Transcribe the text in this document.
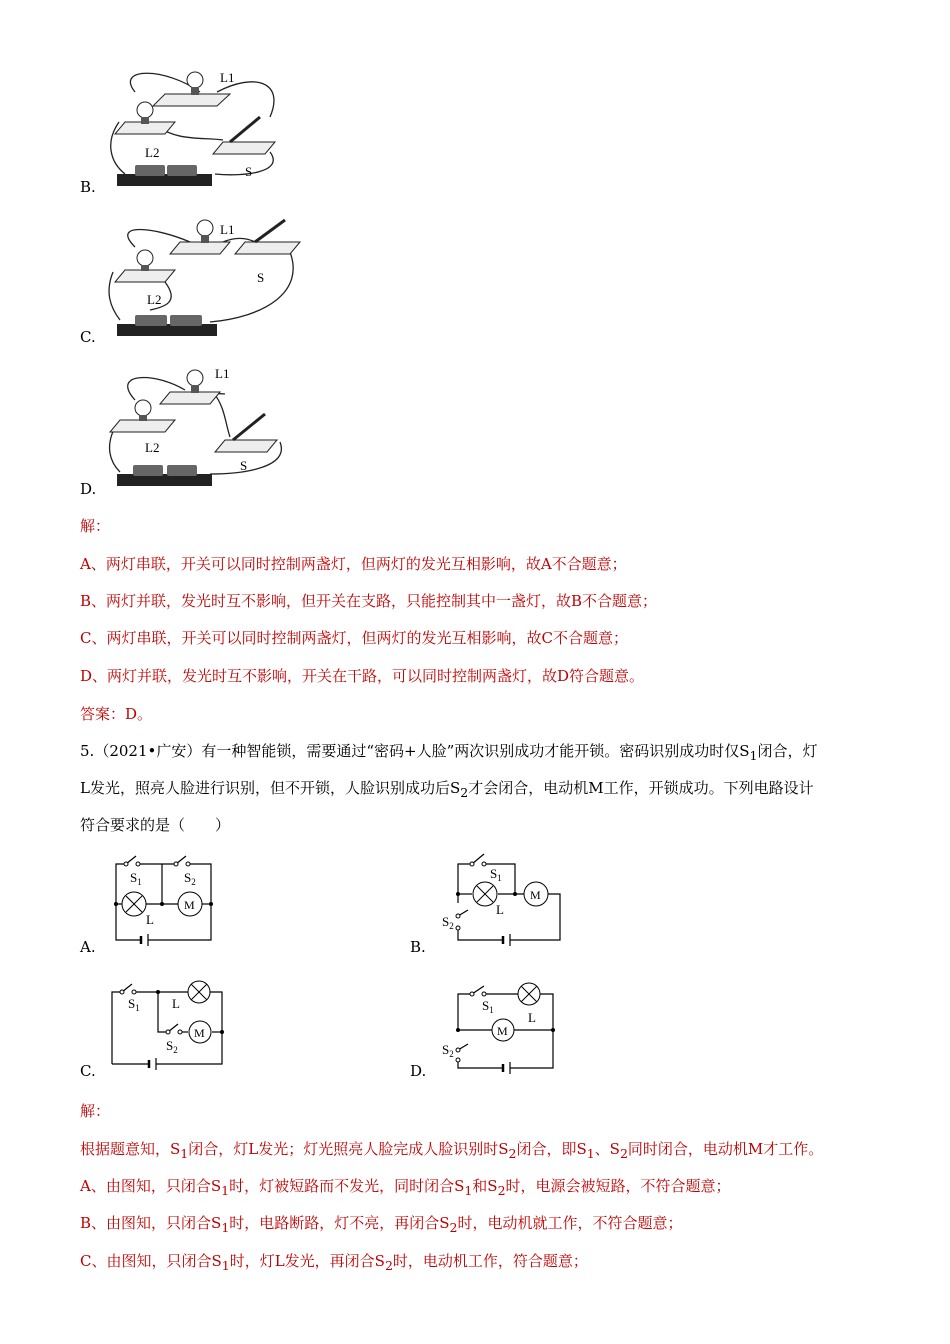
L1
L2
S
B.
L1
L2
S
C.
L1
L2
S
D.
解：
A、两灯串联，开关可以同时控制两盏灯，但两灯的发光互相影响，故A不合题意；
B、两灯并联，发光时互不影响，但开关在支路，只能控制其中一盏灯，故B不合题意；
C、两灯串联，开关可以同时控制两盏灯，但两灯的发光互相影响，故C不合题意；
D、两灯并联，发光时互不影响，开关在干路，可以同时控制两盏灯，故D符合题意。
答案：D。
5.（2021•广安）有一种智能锁，需要通过“密码+人脸”两次识别成功才能开锁。密码识别成功时仅$S_1$闭合，灯
L发光，照亮人脸进行识别，但不开锁，人脸识别成功后$S_2$才会闭合，电动机M工作，开锁成功。下列电路设计
符合要求的是（　　）
$S_1$	$S_2$
L
M
A.
$S_1$
$S_2$
L
M
B.
$S_1$
$S_2$
L
M
C.
$S_1$
$S_2$
L
M
D.
解：
根据题意知，$S_1$闭合，灯L发光；灯光照亮人脸完成人脸识别时$S_2$闭合，即$S_1$、$S_2$同时闭合，电动机M才工作。
A、由图知，只闭合$S_1$时，灯被短路而不发光，同时闭合$S_1$和$S_2$时，电源会被短路，不符合题意；
B、由图知，只闭合$S_1$时，电路断路，灯不亮，再闭合$S_2$时，电动机就工作，不符合题意；
C、由图知，只闭合$S_1$时，灯L发光，再闭合$S_2$时，电动机工作，符合题意；
